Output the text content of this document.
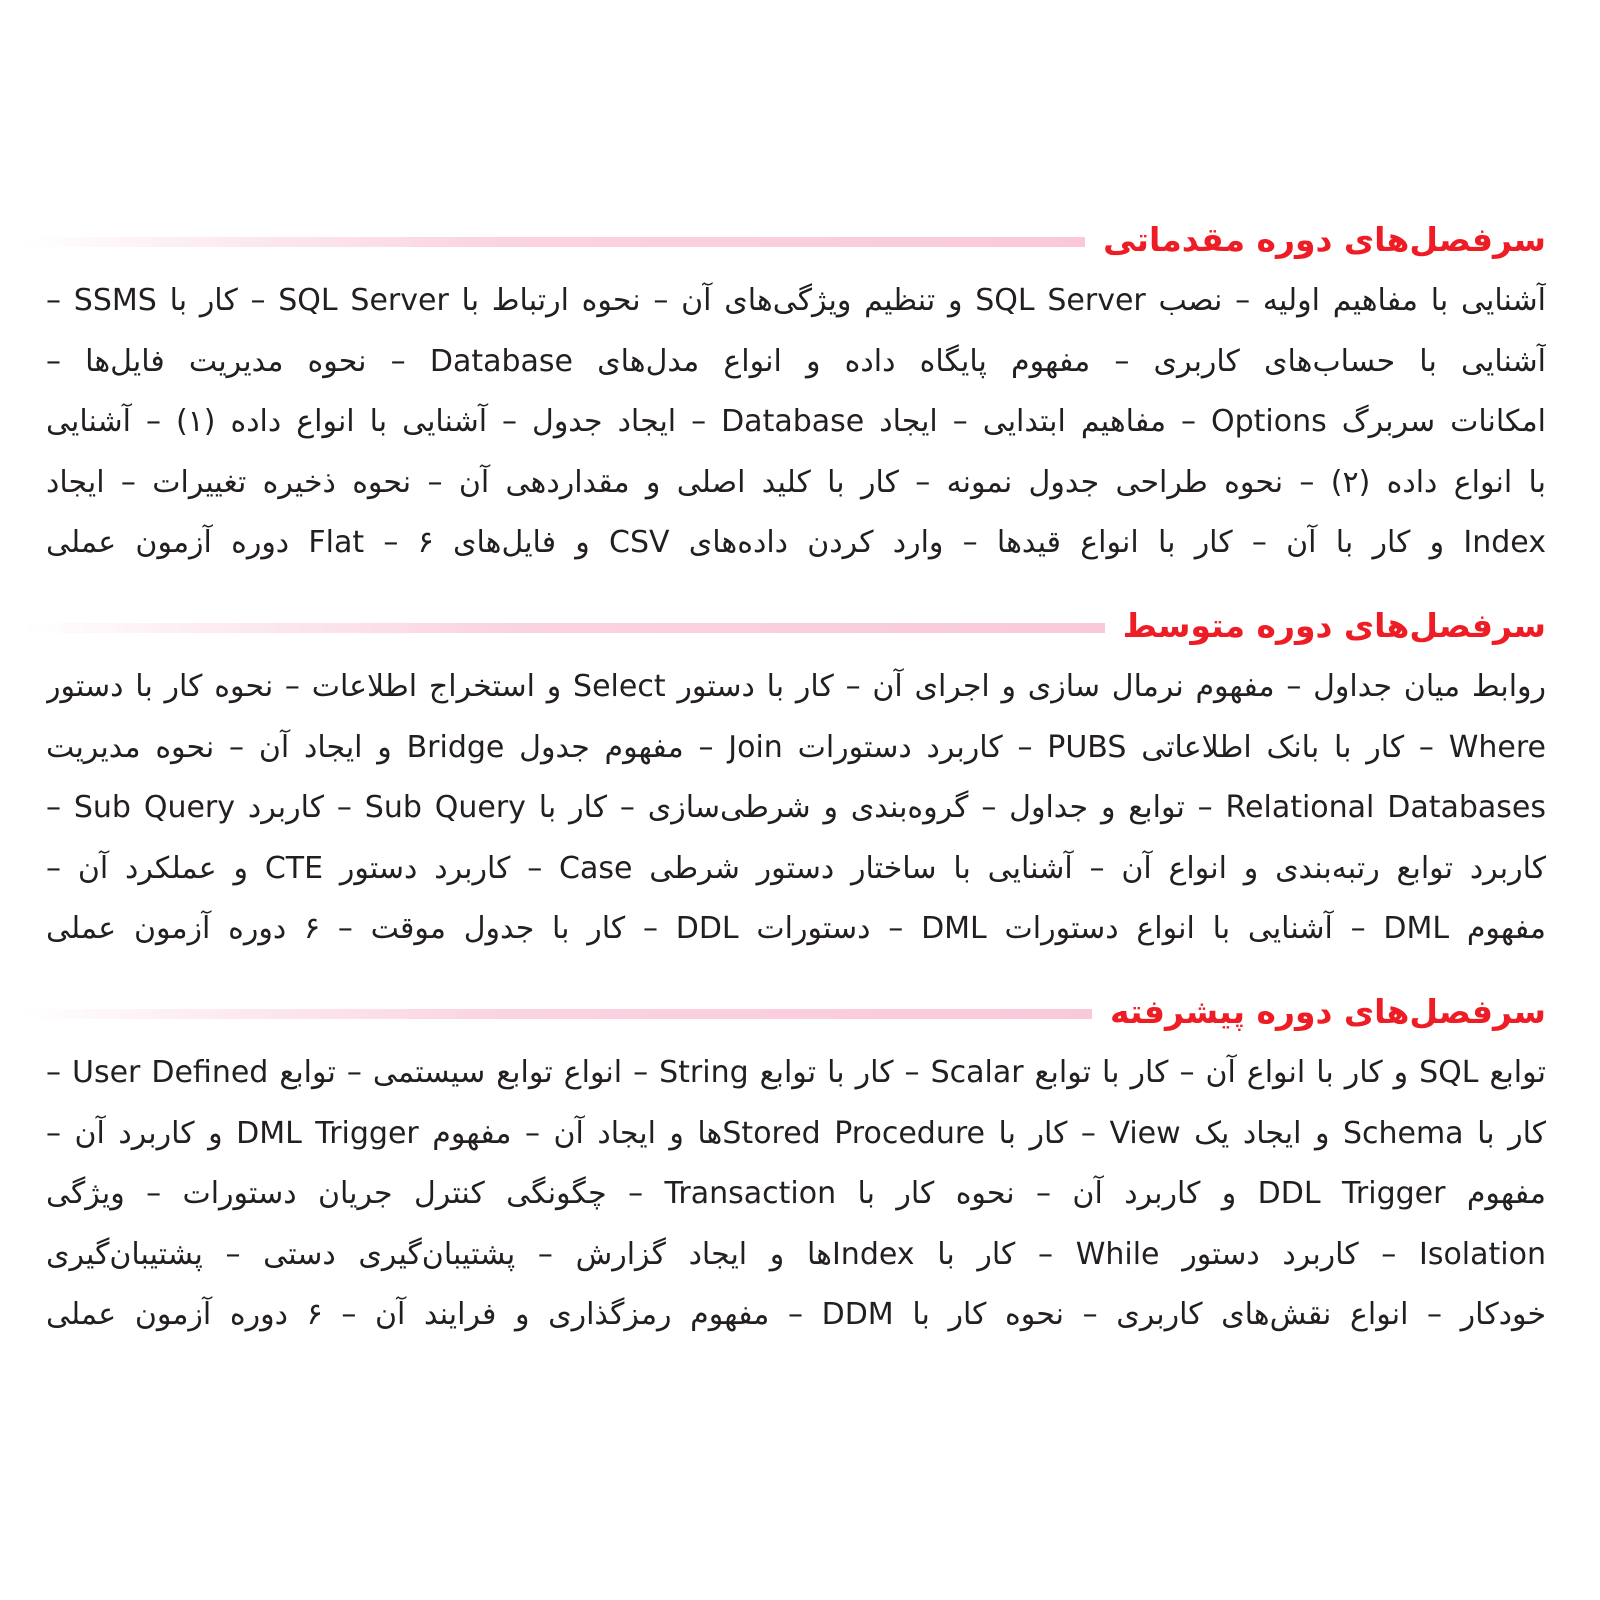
سرفصل‌های دوره مقدماتی
آشنایی با مفاهیم اولیه – نصب SQL Server و تنظیم ویژگی‌های آن – نحوه ارتباط با SQL Server – کار با SSMS –
آشنایی با حساب‌های کاربری – مفهوم پایگاه داده و انواع مدل‌های Database – نحوه مدیریت فایل‌ها –
امکانات سربرگ Options – مفاهیم ابتدایی – ایجاد Database – ایجاد جدول – آشنایی با انواع داده (۱) – آشنایی
با انواع داده (۲) – نحوه طراحی جدول نمونه – کار با کلید اصلی و مقداردهی آن – نحوه ذخیره تغییرات – ایجاد
Index و کار با آن – کار با انواع قیدها – وارد کردن داده‌های CSV و فایل‌های Flat – ۶ دوره آزمون عملی
سرفصل‌های دوره متوسط
روابط میان جداول – مفهوم نرمال سازی و اجرای آن – کار با دستور Select و استخراج اطلاعات – نحوه کار با دستور
Where – کار با بانک اطلاعاتی PUBS – کاربرد دستورات Join – مفهوم جدول Bridge و ایجاد آن – نحوه مدیریت
Relational Databases – توابع و جداول – گروه‌بندی و شرطی‌سازی – کار با Sub Query – کاربرد Sub Query –
کاربرد توابع رتبه‌بندی و انواع آن – آشنایی با ساختار دستور شرطی Case – کاربرد دستور CTE و عملکرد آن –
مفهوم DML – آشنایی با انواع دستورات DML – دستورات DDL – کار با جدول موقت – ۶ دوره آزمون عملی
سرفصل‌های دوره پیشرفته
توابع SQL و کار با انواع آن – کار با توابع Scalar – کار با توابع String – انواع توابع سیستمی – توابع User Defined –
کار با Schema و ایجاد یک View – کار با Stored Procedureها و ایجاد آن – مفهوم DML Trigger و کاربرد آن –
مفهوم DDL Trigger و کاربرد آن – نحوه کار با Transaction – چگونگی کنترل جریان دستورات – ویژگی
Isolation – کاربرد دستور While – کار با Indexها و ایجاد گزارش – پشتیبان‌گیری دستی – پشتیبان‌گیری
خودکار – انواع نقش‌های کاربری – نحوه کار با DDM – مفهوم رمزگذاری و فرایند آن – ۶ دوره آزمون عملی
